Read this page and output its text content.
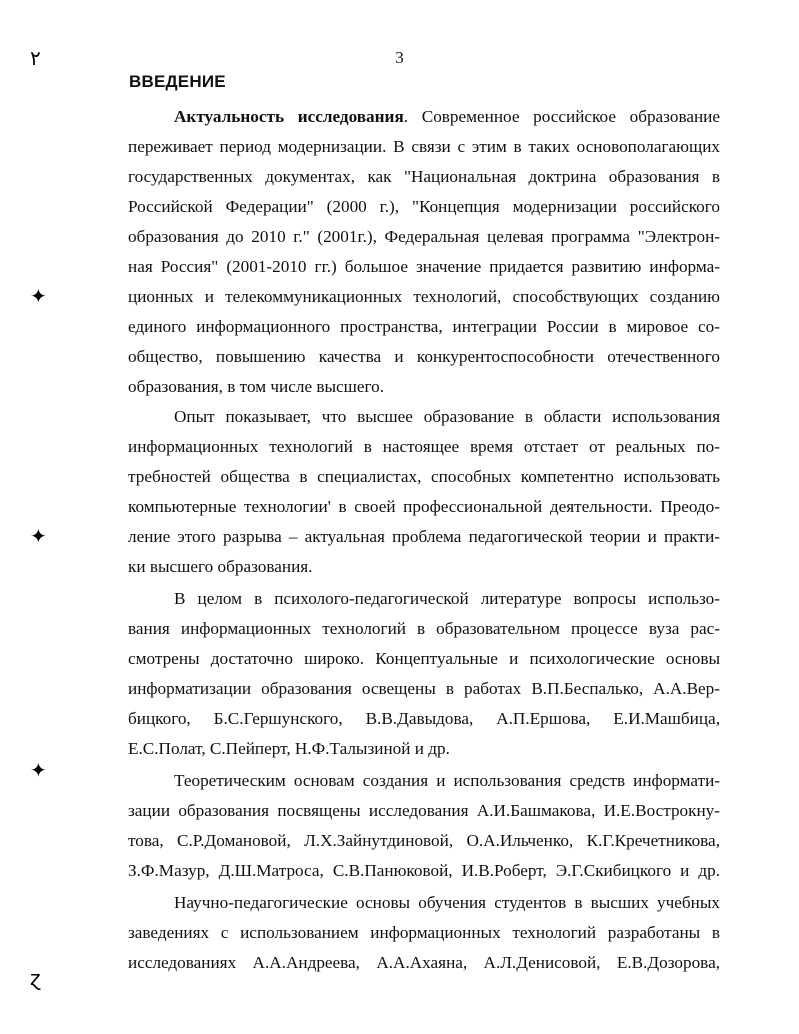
3
ВВЕДЕНИЕ
۲
✦
✦
✦
ɀ
Актуальность исследования. Современное российское образование
переживает период модернизации. В связи с этим в таких основополагающих
государственных документах, как "Национальная доктрина образования в
Российской Федерации" (2000 г.), "Концепция модернизации российского
образования до 2010 г." (2001г.), Федеральная целевая программа "Электрон-
ная Россия" (2001-2010 гг.) большое значение придается развитию информа-
ционных и телекоммуникационных технологий, способствующих созданию
единого информационного пространства, интеграции России в мировое со-
общество, повышению качества и конкурентоспособности отечественного
образования, в том числе высшего.
Опыт показывает, что высшее образование в области использования
информационных технологий в настоящее время отстает от реальных по-
требностей общества в специалистах, способных компетентно использовать
компьютерные технологии' в своей профессиональной деятельности. Преодо-
ление этого разрыва – актуальная проблема педагогической теории и практи-
ки высшего образования.
В целом в психолого-педагогической литературе вопросы использо-
вания информационных технологий в образовательном процессе вуза рас-
смотрены достаточно широко. Концептуальные и психологические основы
информатизации образования освещены в работах В.П.Беспалько, А.А.Вер-
бицкого, Б.С.Гершунского, В.В.Давыдова, А.П.Ершова, Е.И.Машбица,
Е.С.Полат, С.Пейперт, Н.Ф.Талызиной и др.
Теоретическим основам создания и использования средств информати-
зации образования посвящены исследования А.И.Башмакова, И.Е.Вострокну-
това, С.Р.Домановой, Л.Х.Зайнутдиновой, О.А.Ильченко, К.Г.Кречетникова,
З.Ф.Мазур, Д.Ш.Матроса, С.В.Панюковой, И.В.Роберт, Э.Г.Скибицкого и др.
Научно-педагогические основы обучения студентов в высших учебных
заведениях с использованием информационных технологий разработаны в
исследованиях А.А.Андреева, А.А.Ахаяна, А.Л.Денисовой, Е.В.Дозорова,
